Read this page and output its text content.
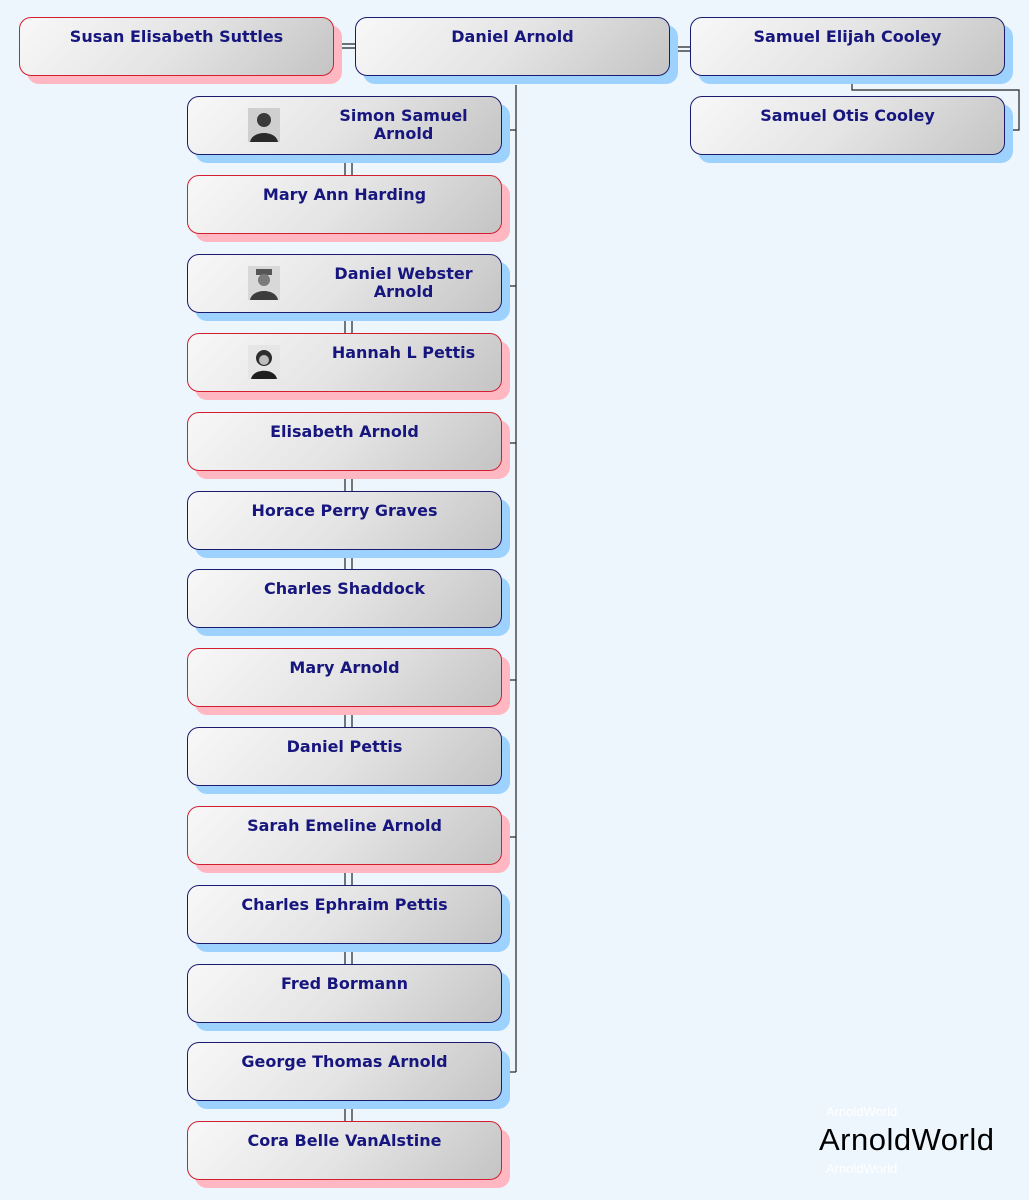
Susan Elisabeth Suttles	Daniel Arnold	Samuel Elijah Cooley
Samuel Otis Cooley
Simon Samuel Arnold
Mary Ann Harding
Daniel Webster Arnold
Hannah L Pettis
Elisabeth Arnold
Horace Perry Graves
Charles Shaddock
Mary Arnold
Daniel Pettis
Sarah Emeline Arnold
Charles Ephraim Pettis
Fred Bormann
George Thomas Arnold
Cora Belle VanAlstine
ArnoldWorld
ArnoldWorld
ArnoldWorld
